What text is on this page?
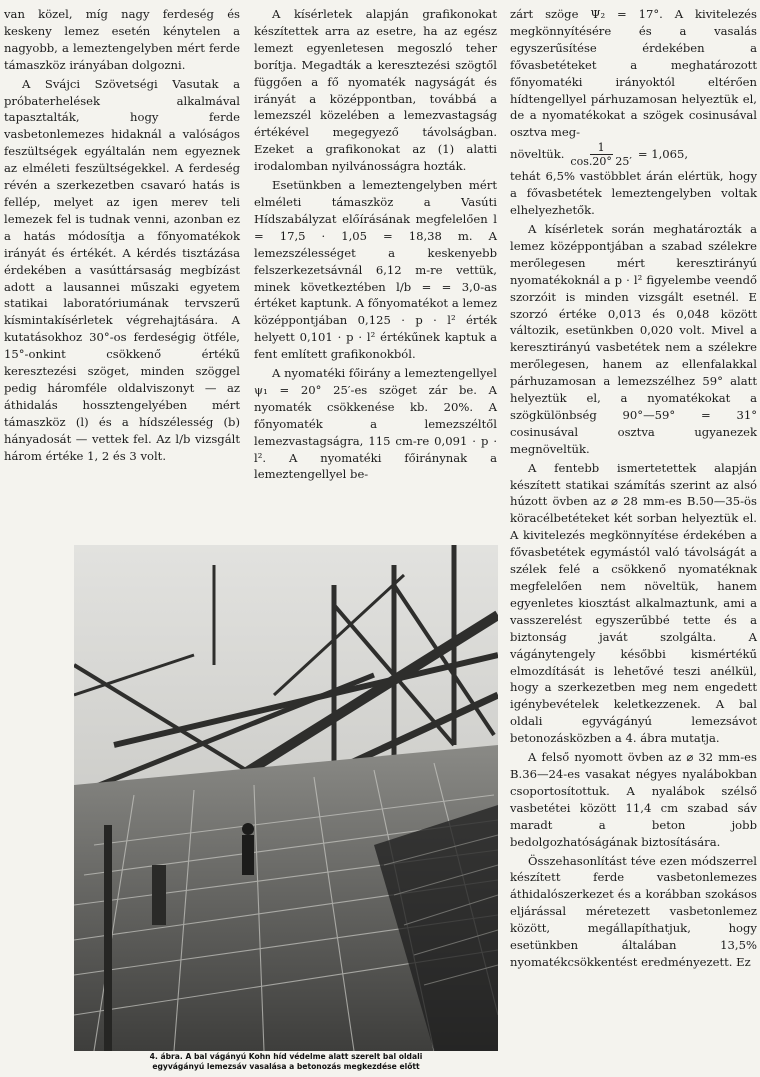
van közel, míg nagy ferdeség és keskeny lemez esetén kénytelen a nagyobb, a lemeztengelyben mért ferde támaszköz irányában dolgozni.

A Svájci Szövetségi Vasutak a próbaterhelések alkalmával tapasztalták, hogy ferde vasbetonlemezes hidaknál a valóságos feszültségek egyáltalán nem egyeznek az elméleti feszültségekkel. A ferdeség révén a szerkezetben csavaró hatás is fellép, melyet az igen merev teli lemezek fel is tudnak venni, azonban ez a hatás módosítja a főnyomatékok irányát és értékét. A kérdés tisztázása érdekében a vasúttársaság megbízást adott a lausannei műszaki egyetem statikai laboratóriumának tervszerű kísmintakísérletek végrehajtására. A kutatásokhoz 30°-os ferdeségig ötféle, 15°-onkint csökkenő értékű keresztezési szöget, minden szöggel pedig háromféle oldalviszonyt — az áthidalás hossztengelyében mért támaszköz (l) és a hídszélesség (b) hányadosát — vettek fel. Az l/b vizsgált három értéke 1, 2 és 3 volt.

A kísérletek alapján grafikonokat készítettek arra az esetre, ha az egész lemezt egyenletesen megoszló teher borítja. Megadták a keresztezési szögtől függően a fő nyomaték nagyságát és irányát a középpontban, továbbá a lemezszél közelében a lemezvastagság értékével megegyező távolságban. Ezeket a grafikonokat az (1) alatti irodalomban nyilvánosságra hozták.

Esetünkben a lemeztengelyben mért elméleti támaszköz a Vasúti Hídszabályzat előírásának megfelelően l = 17,5 · 1,05 = 18,38 m. A lemezszélességet a keskenyebb felszerkezetsávnál 6,12 m-re vettük, minek következtében l/b = = 3,0-as értéket kaptunk. A főnyomatékot a lemez középpontjában 0,125 · p · l² érték helyett 0,101 · p · l² értékűnek kaptuk a fent említett grafikonokból.

A nyomatéki főirány a lemeztengellyel ψ₁ = 20° 25′-es szöget zár be. A nyomaték csökkenése kb. 20%. A főnyomaték a lemezszéltől lemezvastagságra, 115 cm-re 0,091 · p · l². A nyomatéki főiránynak a lemeztengellyel be-

zárt szöge Ψ₂ = 17°. A kivitelezés megkönnyítésére és a vasalás egyszerűsítése érdekében a fővasbetéteket a meghatározott főnyomatéki irányoktól eltérően hídtengellyel párhuzamosan helyeztük el, de a nyomatékokat a szögek cosinusával osztva meg-

növeltük. $\frac{1}{\cos.20^\circ 25'} = 1,065$,

tehát 6,5% vastöbblet árán elértük, hogy a fővasbetétek lemeztengelyben voltak elhelyezhetők.

A kísérletek során meghatározták a lemez középpontjában a szabad szélekre merőlegesen mért keresztirányú nyomatékoknál a p · l² figyelembe veendő szorzóit is minden vizsgált esetnél. E szorzó értéke 0,013 és 0,048 között változik, esetünkben 0,020 volt. Mivel a keresztirányú vasbetétek nem a szélekre merőlegesen, hanem az ellenfalakkal párhuzamosan a lemezszélhez 59° alatt helyeztük el, a nyomatékokat a szögkülönbség 90°—59° = 31° cosinusával osztva ugyanezek megnöveltük.

A fentebb ismertetettek alapján készített statikai számítás szerint az alsó húzott övben az ⌀ 28 mm-es B.50—35-ös köracélbetéteket két sorban helyeztük el. A kivitelezés megkönnyítése érdekében a fővasbetétek egymástól való távolságát a szélek felé a csökkenő nyomatéknak megfelelően nem növeltük, hanem egyenletes kiosztást alkalmaztunk, ami a vasszerelést egyszerűbbé tette és a biztonság javát szolgálta. A vágánytengely későbbi kismértékű elmozdítását is lehetővé teszi anélkül, hogy a szerkezetben meg nem engedett igénybevételek keletkezzenek. A bal oldali egyvágányú lemezsávot betonozásközben a 4. ábra mutatja.

A felső nyomott övben az ⌀ 32 mm-es B.36—24-es vasakat négyes nyalábokban csoportosítottuk. A nyalábok szélső vasbetétei között 11,4 cm szabad sáv maradt a beton jobb bedolgozhatóságának biztosítására.

Összehasonlítást téve ezen módszerrel készített ferde vasbetonlemezes áthidalószerkezet és a korábban szokásos eljárással méretezett vasbetonlemez között, megállapíthatjuk, hogy esetünkben általában 13,5% nyomatékcsökkentést eredményezett. Ez

4. ábra. A bal vágányú Kohn híd védelme alatt szerelt bal oldali
egyvágányú lemezsáv vasalása a betonozás megkezdése előtt
